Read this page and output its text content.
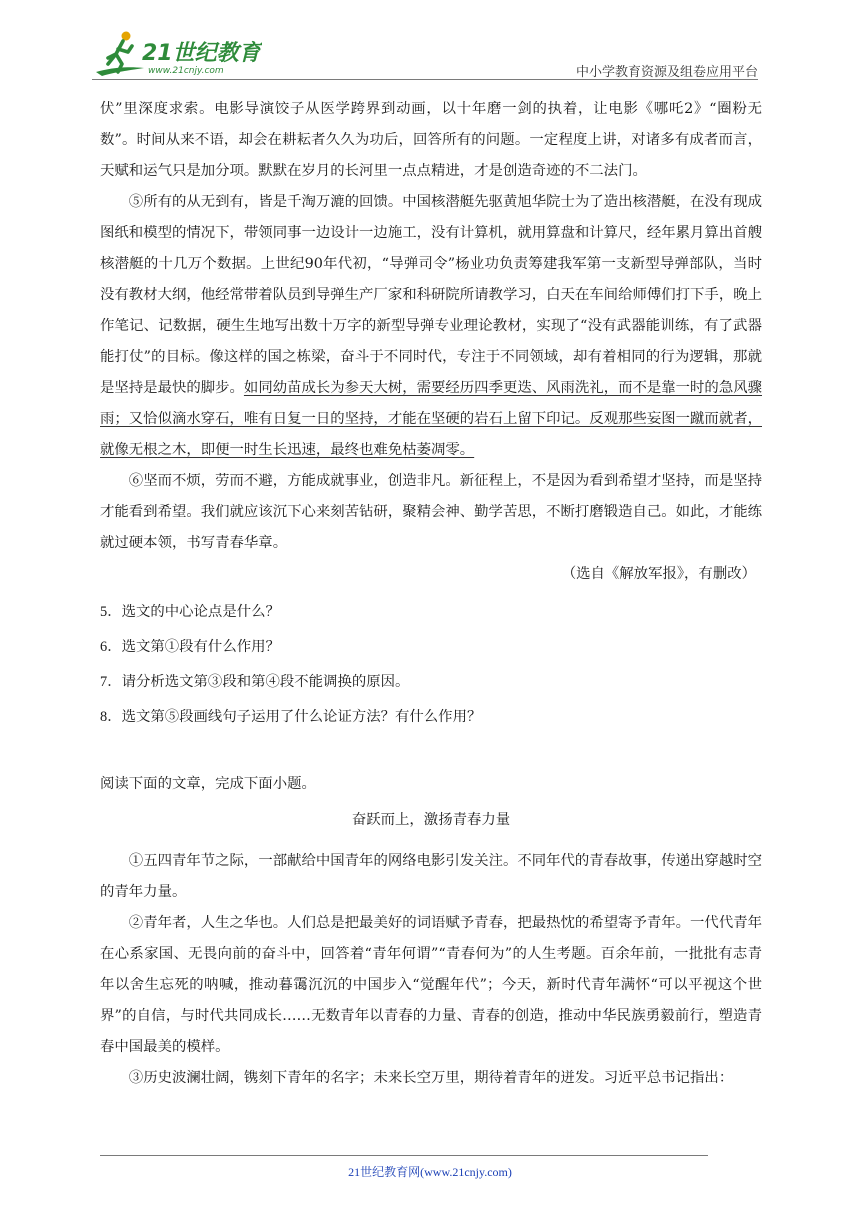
21世纪教育
www.21cnjy.com	中小学教育资源及组卷应用平台

伏”里深度求索。电影导演饺子从医学跨界到动画，以十年磨一剑的执着，让电影《哪吒2》“圈粉无数”。时间从来不语，却会在耕耘者久久为功后，回答所有的问题。一定程度上讲，对诸多有成者而言，天赋和运气只是加分项。默默在岁月的长河里一点点精进，才是创造奇迹的不二法门。

⑤所有的从无到有，皆是千淘万漉的回馈。中国核潜艇先驱黄旭华院士为了造出核潜艇，在没有现成图纸和模型的情况下，带领同事一边设计一边施工，没有计算机，就用算盘和计算尺，经年累月算出首艘核潜艇的十几万个数据。上世纪90年代初，“导弹司令”杨业功负责筹建我军第一支新型导弹部队，当时没有教材大纲，他经常带着队员到导弹生产厂家和科研院所请教学习，白天在车间给师傅们打下手，晚上作笔记、记数据，硬生生地写出数十万字的新型导弹专业理论教材，实现了“没有武器能训练，有了武器能打仗”的目标。像这样的国之栋梁，奋斗于不同时代，专注于不同领域，却有着相同的行为逻辑，那就是坚持是最快的脚步。如同幼苗成长为参天大树，需要经历四季更迭、风雨洗礼，而不是靠一时的急风骤雨；又恰似滴水穿石，唯有日复一日的坚持，才能在坚硬的岩石上留下印记。反观那些妄图一蹴而就者，就像无根之木，即便一时生长迅速，最终也难免枯萎凋零。

⑥坚而不烦，劳而不避，方能成就事业，创造非凡。新征程上，不是因为看到希望才坚持，而是坚持才能看到希望。我们就应该沉下心来刻苦钻研，聚精会神、勤学苦思，不断打磨锻造自己。如此，才能练就过硬本领，书写青春华章。

（选自《解放军报》，有删改）

5．选文的中心论点是什么？

6．选文第①段有什么作用？

7．请分析选文第③段和第④段不能调换的原因。

8．选文第⑤段画线句子运用了什么论证方法？有什么作用？

阅读下面的文章，完成下面小题。

奋跃而上，激扬青春力量

①五四青年节之际，一部献给中国青年的网络电影引发关注。不同年代的青春故事，传递出穿越时空的青年力量。

②青年者，人生之华也。人们总是把最美好的词语赋予青春，把最热忱的希望寄予青年。一代代青年在心系家国、无畏向前的奋斗中，回答着“青年何谓”“青春何为”的人生考题。百余年前，一批批有志青年以舍生忘死的呐喊，推动暮霭沉沉的中国步入“觉醒年代”；今天，新时代青年满怀“可以平视这个世界”的自信，与时代共同成长……无数青年以青春的力量、青春的创造，推动中华民族勇毅前行，塑造青春中国最美的模样。

③历史波澜壮阔，镌刻下青年的名字；未来长空万里，期待着青年的迸发。习近平总书记指出：

21世纪教育网(www.21cnjy.com)
